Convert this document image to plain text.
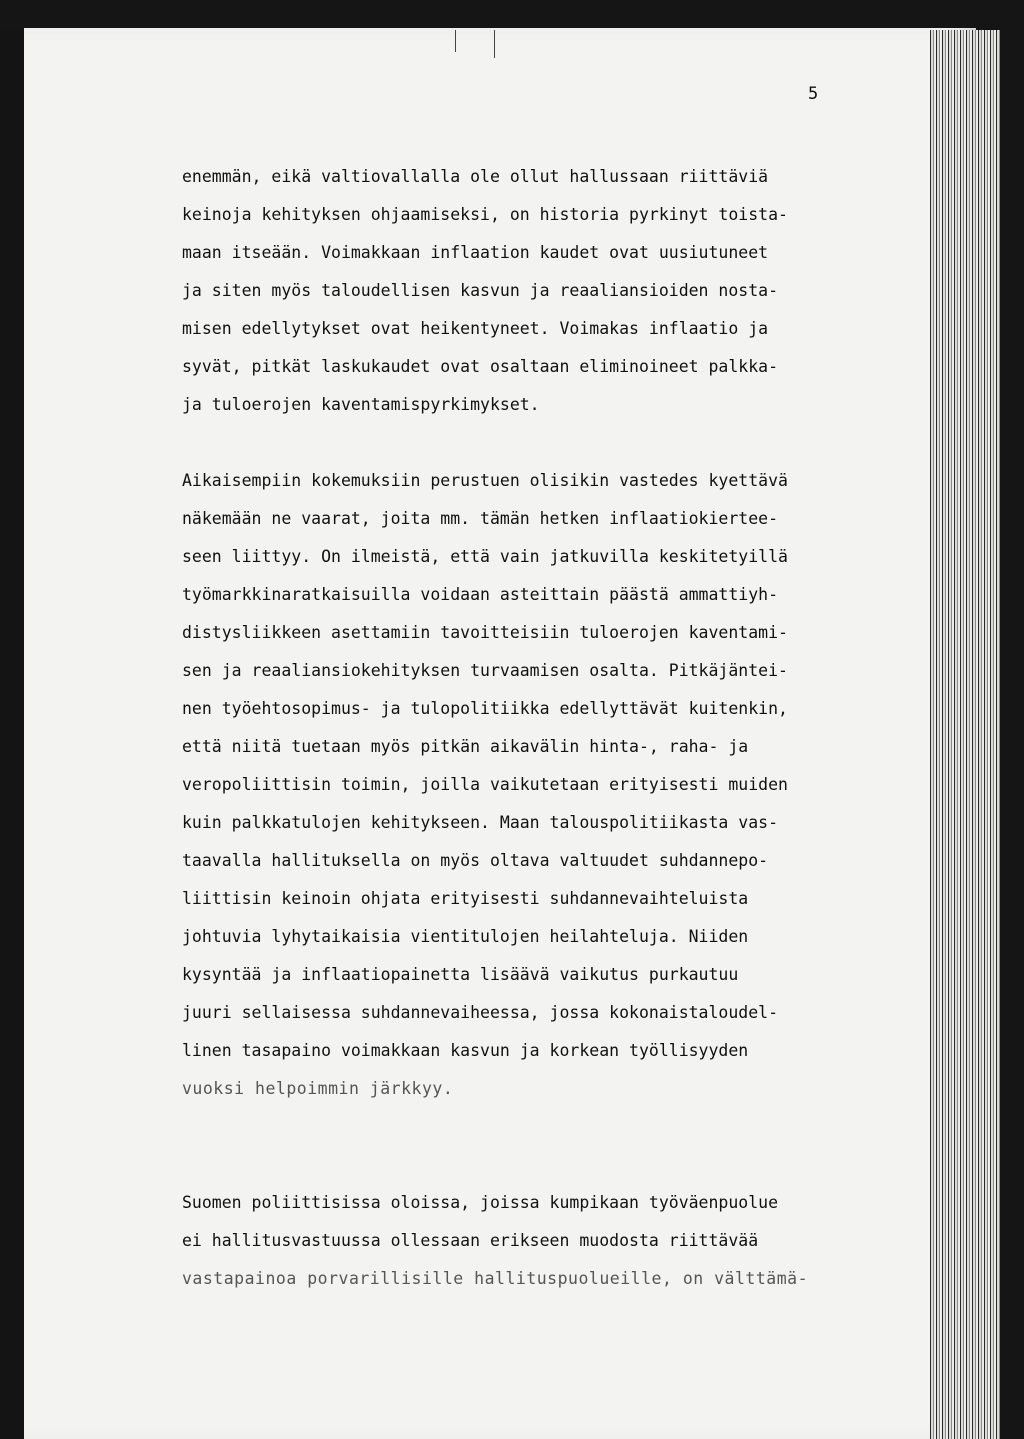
5
enemmän, eikä valtiovallalla ole ollut hallussaan riittäviä
keinoja kehityksen ohjaamiseksi, on historia pyrkinyt toista-
maan itseään. Voimakkaan inflaation kaudet ovat uusiutuneet
ja siten myös taloudellisen kasvun ja reaaliansioiden nosta-
misen edellytykset ovat heikentyneet. Voimakas inflaatio ja
syvät, pitkät laskukaudet ovat osaltaan eliminoineet palkka-
ja tuloerojen kaventamispyrkimykset.
Aikaisempiin kokemuksiin perustuen olisikin vastedes kyettävä
näkemään ne vaarat, joita mm. tämän hetken inflaatiokiertee-
seen liittyy. On ilmeistä, että vain jatkuvilla keskitetyillä
työmarkkinaratkaisuilla voidaan asteittain päästä ammattiyh-
distysliikkeen asettamiin tavoitteisiin tuloerojen kaventami-
sen ja reaaliansiokehityksen turvaamisen osalta. Pitkäjäntei-
nen työehtosopimus- ja tulopolitiikka edellyttävät kuitenkin,
että niitä tuetaan myös pitkän aikavälin hinta-, raha- ja
veropoliittisin toimin, joilla vaikutetaan erityisesti muiden
kuin palkkatulojen kehitykseen. Maan talouspolitiikasta vas-
taavalla hallituksella on myös oltava valtuudet suhdannepo-
liittisin keinoin ohjata erityisesti suhdannevaihteluista
johtuvia lyhytaikaisia vientitulojen heilahteluja. Niiden
kysyntää ja inflaatiopainetta lisäävä vaikutus purkautuu
juuri sellaisessa suhdannevaiheessa, jossa kokonaistaloudel-
linen tasapaino voimakkaan kasvun ja korkean työllisyyden
vuoksi helpoimmin järkkyy.
Suomen poliittisissa oloissa, joissa kumpikaan työväenpuolue
ei hallitusvastuussa ollessaan erikseen muodosta riittävää
vastapainoa porvarillisille hallituspuolueille, on välttämä-
